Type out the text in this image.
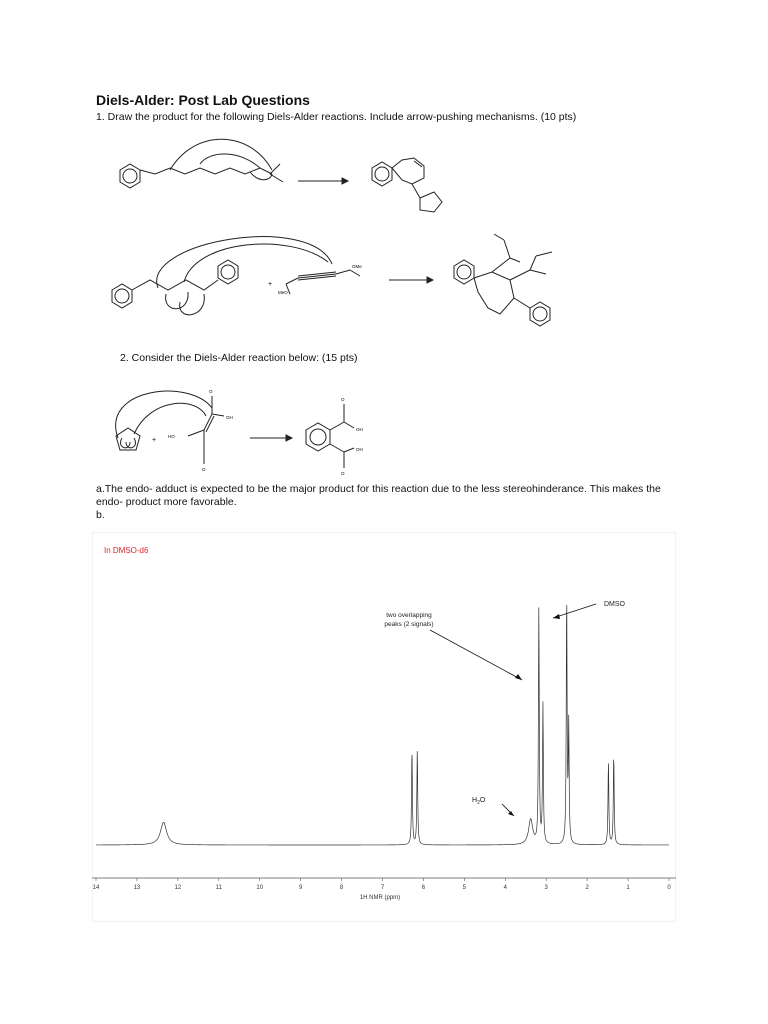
Diels-Alder: Post Lab Questions
1. Draw the product for the following Diels-Alder reactions. Include arrow-pushing mechanisms. (10 pts)
+
MeO
OMe
2. Consider the Diels-Alder reaction below: (15 pts)
+
O
OH
HO
O
O
OH
OH
O
a.The endo- adduct is expected to be the major product for this reaction due to the less stereohinderance. This makes the endo- product more favorable.
b.
In DMSO-d6
14	13	12	11	10	9	8	7	6	5	4	3	2	1	0
1H NMR (ppm)
two overlapping
peaks (2 signals)
DMSO
$H_2O$
